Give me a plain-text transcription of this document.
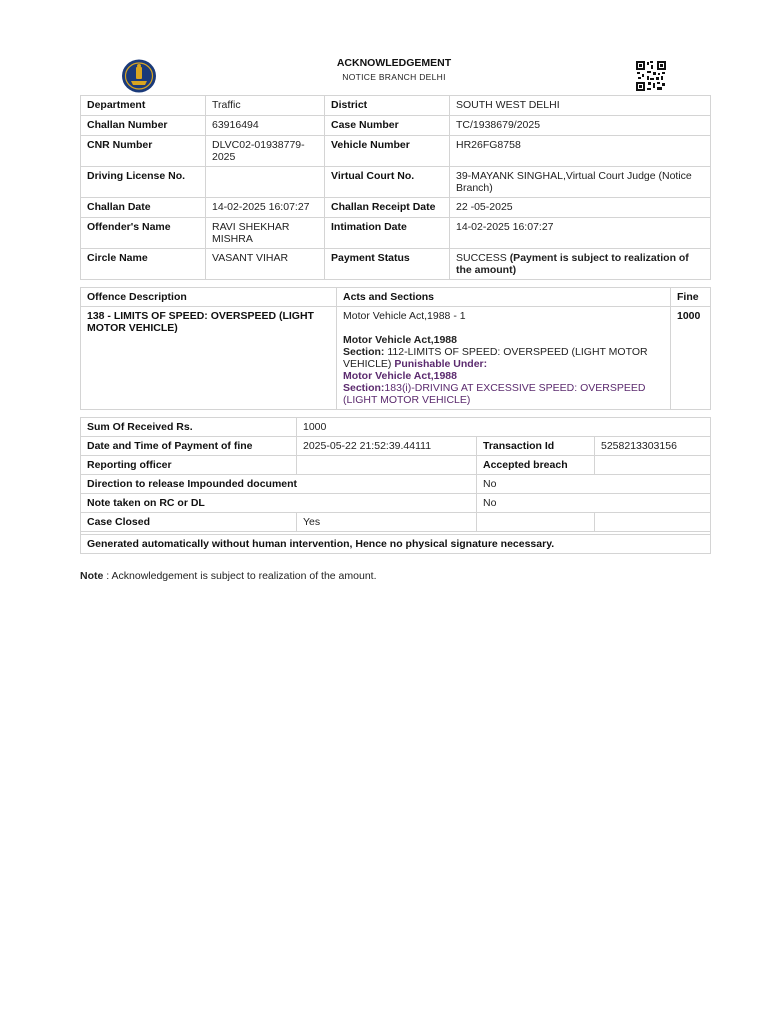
ACKNOWLEDGEMENT
NOTICE BRANCH DELHI
Department	Traffic	District	SOUTH WEST DELHI
Challan Number	63916494	Case Number	TC/1938679/2025
CNR Number	DLVC02-01938779-2025	Vehicle Number	HR26FG8758
Driving License No.		Virtual Court No.	39-MAYANK SINGHAL,Virtual Court Judge (Notice Branch)
Challan Date	14-02-2025 16:07:27	Challan Receipt Date	22 -05-2025
Offender's Name	RAVI SHEKHAR MISHRA	Intimation Date	14-02-2025 16:07:27
Circle Name	VASANT VIHAR	Payment Status	SUCCESS (Payment is subject to realization of the amount)
Offence Description	Acts and Sections	Fine
138 - LIMITS OF SPEED: OVERSPEED (LIGHT MOTOR VEHICLE)	Motor Vehicle Act,1988 - 1
Motor Vehicle Act,1988
Section: 112-LIMITS OF SPEED: OVERSPEED (LIGHT MOTOR VEHICLE) Punishable Under:
Motor Vehicle Act,1988
Section:183(i)-DRIVING AT EXCESSIVE SPEED: OVERSPEED (LIGHT MOTOR VEHICLE)	1000
Sum Of Received Rs.	1000		
Date and Time of Payment of fine	2025-05-22 21:52:39.44111	Transaction Id	5258213303156
Reporting officer		Accepted breach	
Direction to release Impounded document		No	
Note taken on RC or DL		No	
Case Closed	Yes		

Generated automatically without human intervention, Hence no physical signature necessary.			
Note : Acknowledgement is subject to realization of the amount.
